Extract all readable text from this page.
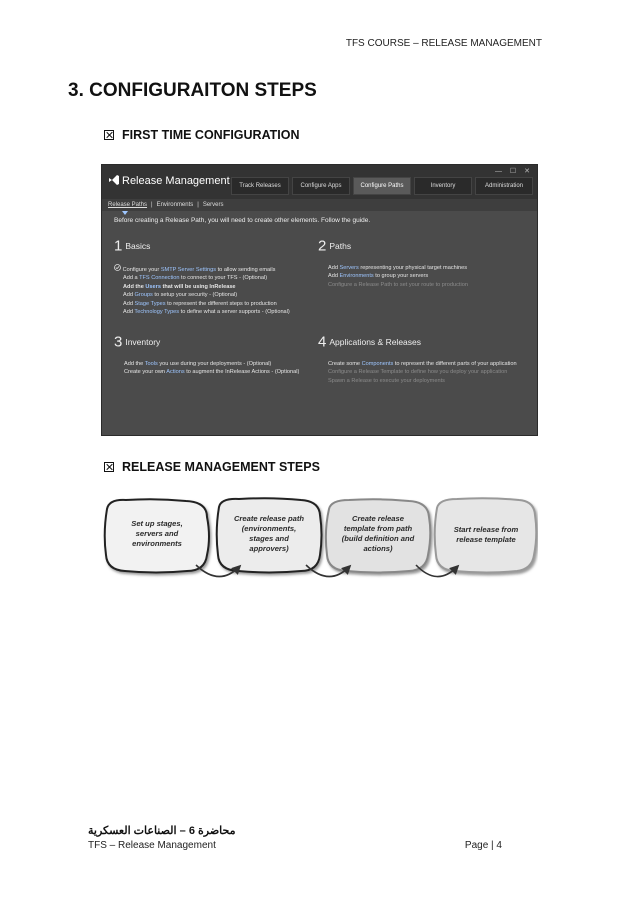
TFS COURSE – RELEASE MANAGEMENT
3. CONFIGURAITON STEPS
FIRST TIME CONFIGURATION
Release Management
— ☐ ✕
Track Releases	Configure Apps	Configure Paths	Inventory	Administration
Release Paths | Environments | Servers
Before creating a Release Path, you will need to create other elements. Follow the guide.
1 Basics
Configure your SMTP Server Settings to allow sending emails
Add a TFS Connection to connect to your TFS - (Optional)
Add the Users that will be using InRelease
Add Groups to setup your security - (Optional)
Add Stage Types to represent the different steps to production
Add Technology Types to define what a server supports - (Optional)
2 Paths
Add Servers representing your physical target machines
Add Environments to group your servers
Configure a Release Path to set your route to production
3 Inventory
Add the Tools you use during your deployments - (Optional)
Create your own Actions to augment the InRelease Actions - (Optional)
4 Applications & Releases
Create some Components to represent the different parts of your application
Configure a Release Template to define how you deploy your application
Spawn a Release to execute your deployments
RELEASE MANAGEMENT STEPS
Set up stages,
servers and
environments
Create release path
(environments,
stages and
approvers)
Create release
template from path
(build definition and
actions)
Start release from
release template
محاضرة 6 – الصناعات العسكرية
TFS – Release Management	Page | 4
